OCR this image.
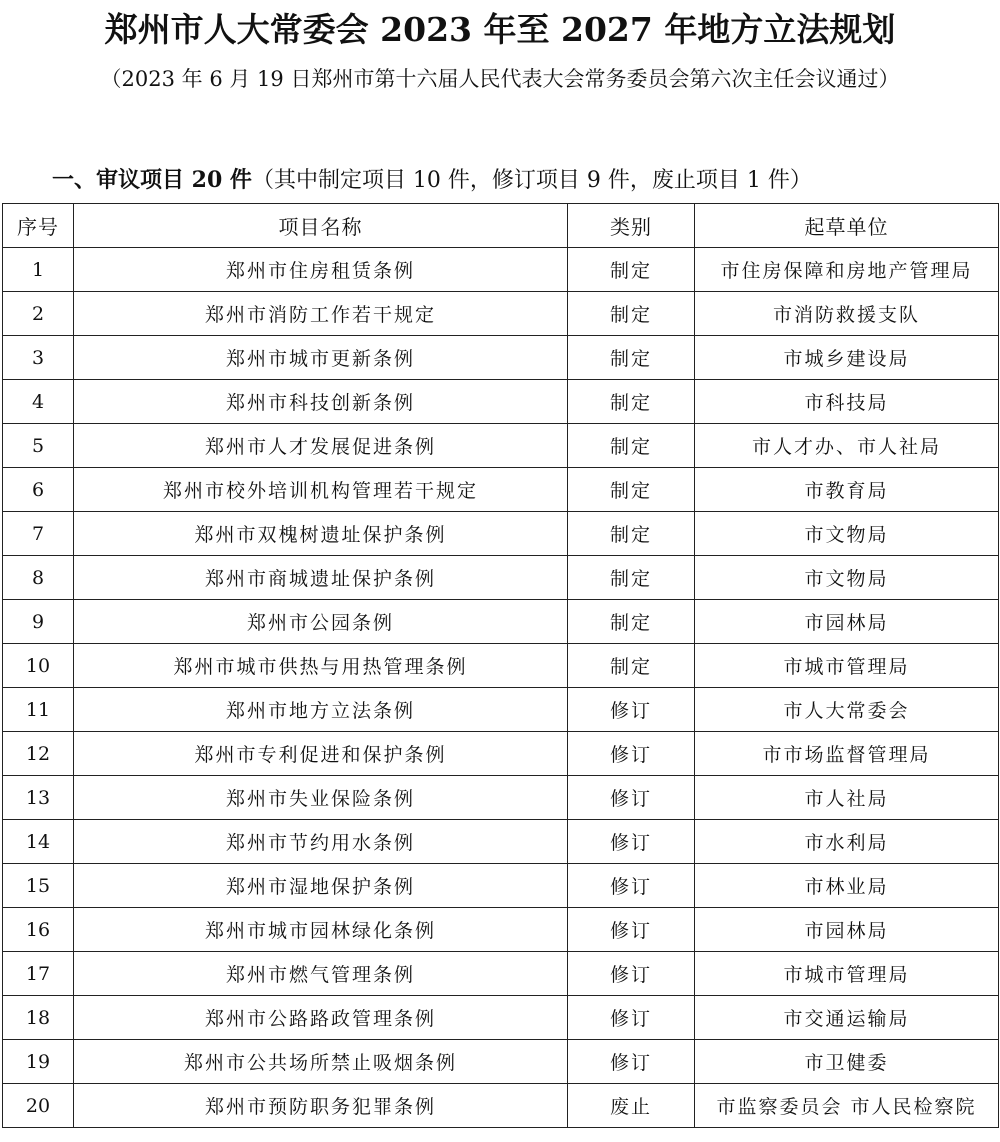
郑州市人大常委会 2023 年至 2027 年地方立法规划
（2023 年 6 月 19 日郑州市第十六届人民代表大会常务委员会第六次主任会议通过）
一、审议项目 20 件（其中制定项目 10 件，修订项目 9 件，废止项目 1 件）
序号	项目名称	类别	起草单位
1	郑州市住房租赁条例	制定	市住房保障和房地产管理局
2	郑州市消防工作若干规定	制定	市消防救援支队
3	郑州市城市更新条例	制定	市城乡建设局
4	郑州市科技创新条例	制定	市科技局
5	郑州市人才发展促进条例	制定	市人才办、市人社局
6	郑州市校外培训机构管理若干规定	制定	市教育局
7	郑州市双槐树遗址保护条例	制定	市文物局
8	郑州市商城遗址保护条例	制定	市文物局
9	郑州市公园条例	制定	市园林局
10	郑州市城市供热与用热管理条例	制定	市城市管理局
11	郑州市地方立法条例	修订	市人大常委会
12	郑州市专利促进和保护条例	修订	市市场监督管理局
13	郑州市失业保险条例	修订	市人社局
14	郑州市节约用水条例	修订	市水利局
15	郑州市湿地保护条例	修订	市林业局
16	郑州市城市园林绿化条例	修订	市园林局
17	郑州市燃气管理条例	修订	市城市管理局
18	郑州市公路路政管理条例	修订	市交通运输局
19	郑州市公共场所禁止吸烟条例	修订	市卫健委
20	郑州市预防职务犯罪条例	废止	市监察委员会 市人民检察院
